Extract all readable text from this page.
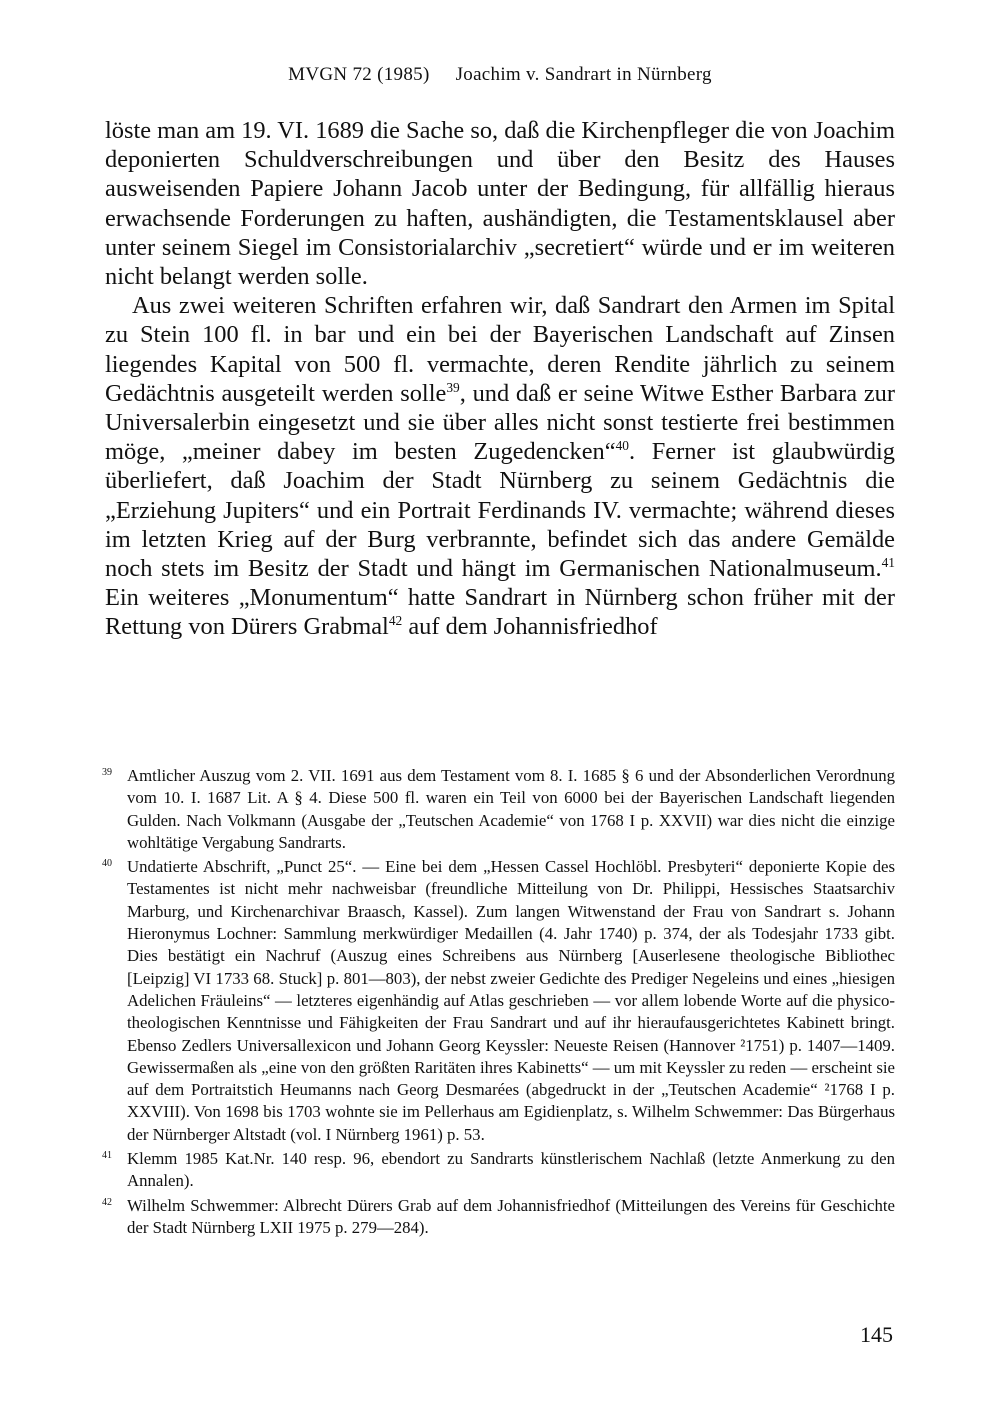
MVGN 72 (1985) Joachim v. Sandrart in Nürnberg

löste man am 19. VI. 1689 die Sache so, daß die Kirchenpfleger die von Joachim deponierten Schuldverschreibungen und über den Besitz des Hauses ausweisenden Papiere Johann Jacob unter der Bedingung, für allfällig hieraus erwachsende Forderungen zu haften, aushändigten, die Testamentsklausel aber unter seinem Siegel im Consistorialarchiv „secretiert“ würde und er im weiteren nicht belangt werden solle.

Aus zwei weiteren Schriften erfahren wir, daß Sandrart den Armen im Spital zu Stein 100 fl. in bar und ein bei der Bayerischen Landschaft auf Zinsen liegendes Kapital von 500 fl. vermachte, deren Rendite jährlich zu seinem Gedächtnis ausgeteilt werden solle$^{39}$, und daß er seine Witwe Esther Barbara zur Universalerbin eingesetzt und sie über alles nicht sonst testierte frei bestimmen möge, „meiner dabey im besten Zugedencken“$^{40}$. Ferner ist glaubwürdig überliefert, daß Joachim der Stadt Nürnberg zu seinem Gedächtnis die „Erziehung Jupiters“ und ein Portrait Ferdinands IV. vermachte; während dieses im letzten Krieg auf der Burg verbrannte, befindet sich das andere Gemälde noch stets im Besitz der Stadt und hängt im Germanischen Nationalmuseum.$^{41}$ Ein weiteres „Monumentum“ hatte Sandrart in Nürnberg schon früher mit der Rettung von Dürers Grabmal$^{42}$ auf dem Johannisfriedhof

39 Amtlicher Auszug vom 2. VII. 1691 aus dem Testament vom 8. I. 1685 § 6 und der Absonderlichen Verordnung vom 10. I. 1687 Lit. A § 4. Diese 500 fl. waren ein Teil von 6000 bei der Bayerischen Landschaft liegenden Gulden. Nach Volkmann (Ausgabe der „Teutschen Academie“ von 1768 I p. XXVII) war dies nicht die einzige wohltätige Vergabung Sandrarts.
40 Undatierte Abschrift, „Punct 25“. — Eine bei dem „Hessen Cassel Hochlöbl. Presbyteri“ deponierte Kopie des Testamentes ist nicht mehr nachweisbar (freundliche Mitteilung von Dr. Philippi, Hessisches Staatsarchiv Marburg, und Kirchenarchivar Braasch, Kassel). Zum langen Witwenstand der Frau von Sandrart s. Johann Hieronymus Lochner: Sammlung merkwürdiger Medaillen (4. Jahr 1740) p. 374, der als Todesjahr 1733 gibt. Dies bestätigt ein Nachruf (Auszug eines Schreibens aus Nürnberg [Auserlesene theologische Bibliothec [Leipzig] VI 1733 68. Stuck] p. 801—803), der nebst zweier Gedichte des Prediger Negeleins und eines „hiesigen Adelichen Fräuleins“ — letzteres eigenhändig auf Atlas geschrieben — vor allem lobende Worte auf die physico-theologischen Kenntnisse und Fähigkeiten der Frau Sandrart und auf ihr hieraufausgerichtetes Kabinett bringt. Ebenso Zedlers Universallexicon und Johann Georg Keyssler: Neueste Reisen (Hannover ²1751) p. 1407—1409. Gewissermaßen als „eine von den größten Raritäten ihres Kabinetts“ — um mit Keyssler zu reden — erscheint sie auf dem Portraitstich Heumanns nach Georg Desmarées (abgedruckt in der „Teutschen Academie“ ²1768 I p. XXVIII). Von 1698 bis 1703 wohnte sie im Pellerhaus am Egidienplatz, s. Wilhelm Schwemmer: Das Bürgerhaus der Nürnberger Altstadt (vol. I Nürnberg 1961) p. 53.
41 Klemm 1985 Kat.Nr. 140 resp. 96, ebendort zu Sandrarts künstlerischem Nachlaß (letzte Anmerkung zu den Annalen).
42 Wilhelm Schwemmer: Albrecht Dürers Grab auf dem Johannisfriedhof (Mitteilungen des Vereins für Geschichte der Stadt Nürnberg LXII 1975 p. 279—284).
145
